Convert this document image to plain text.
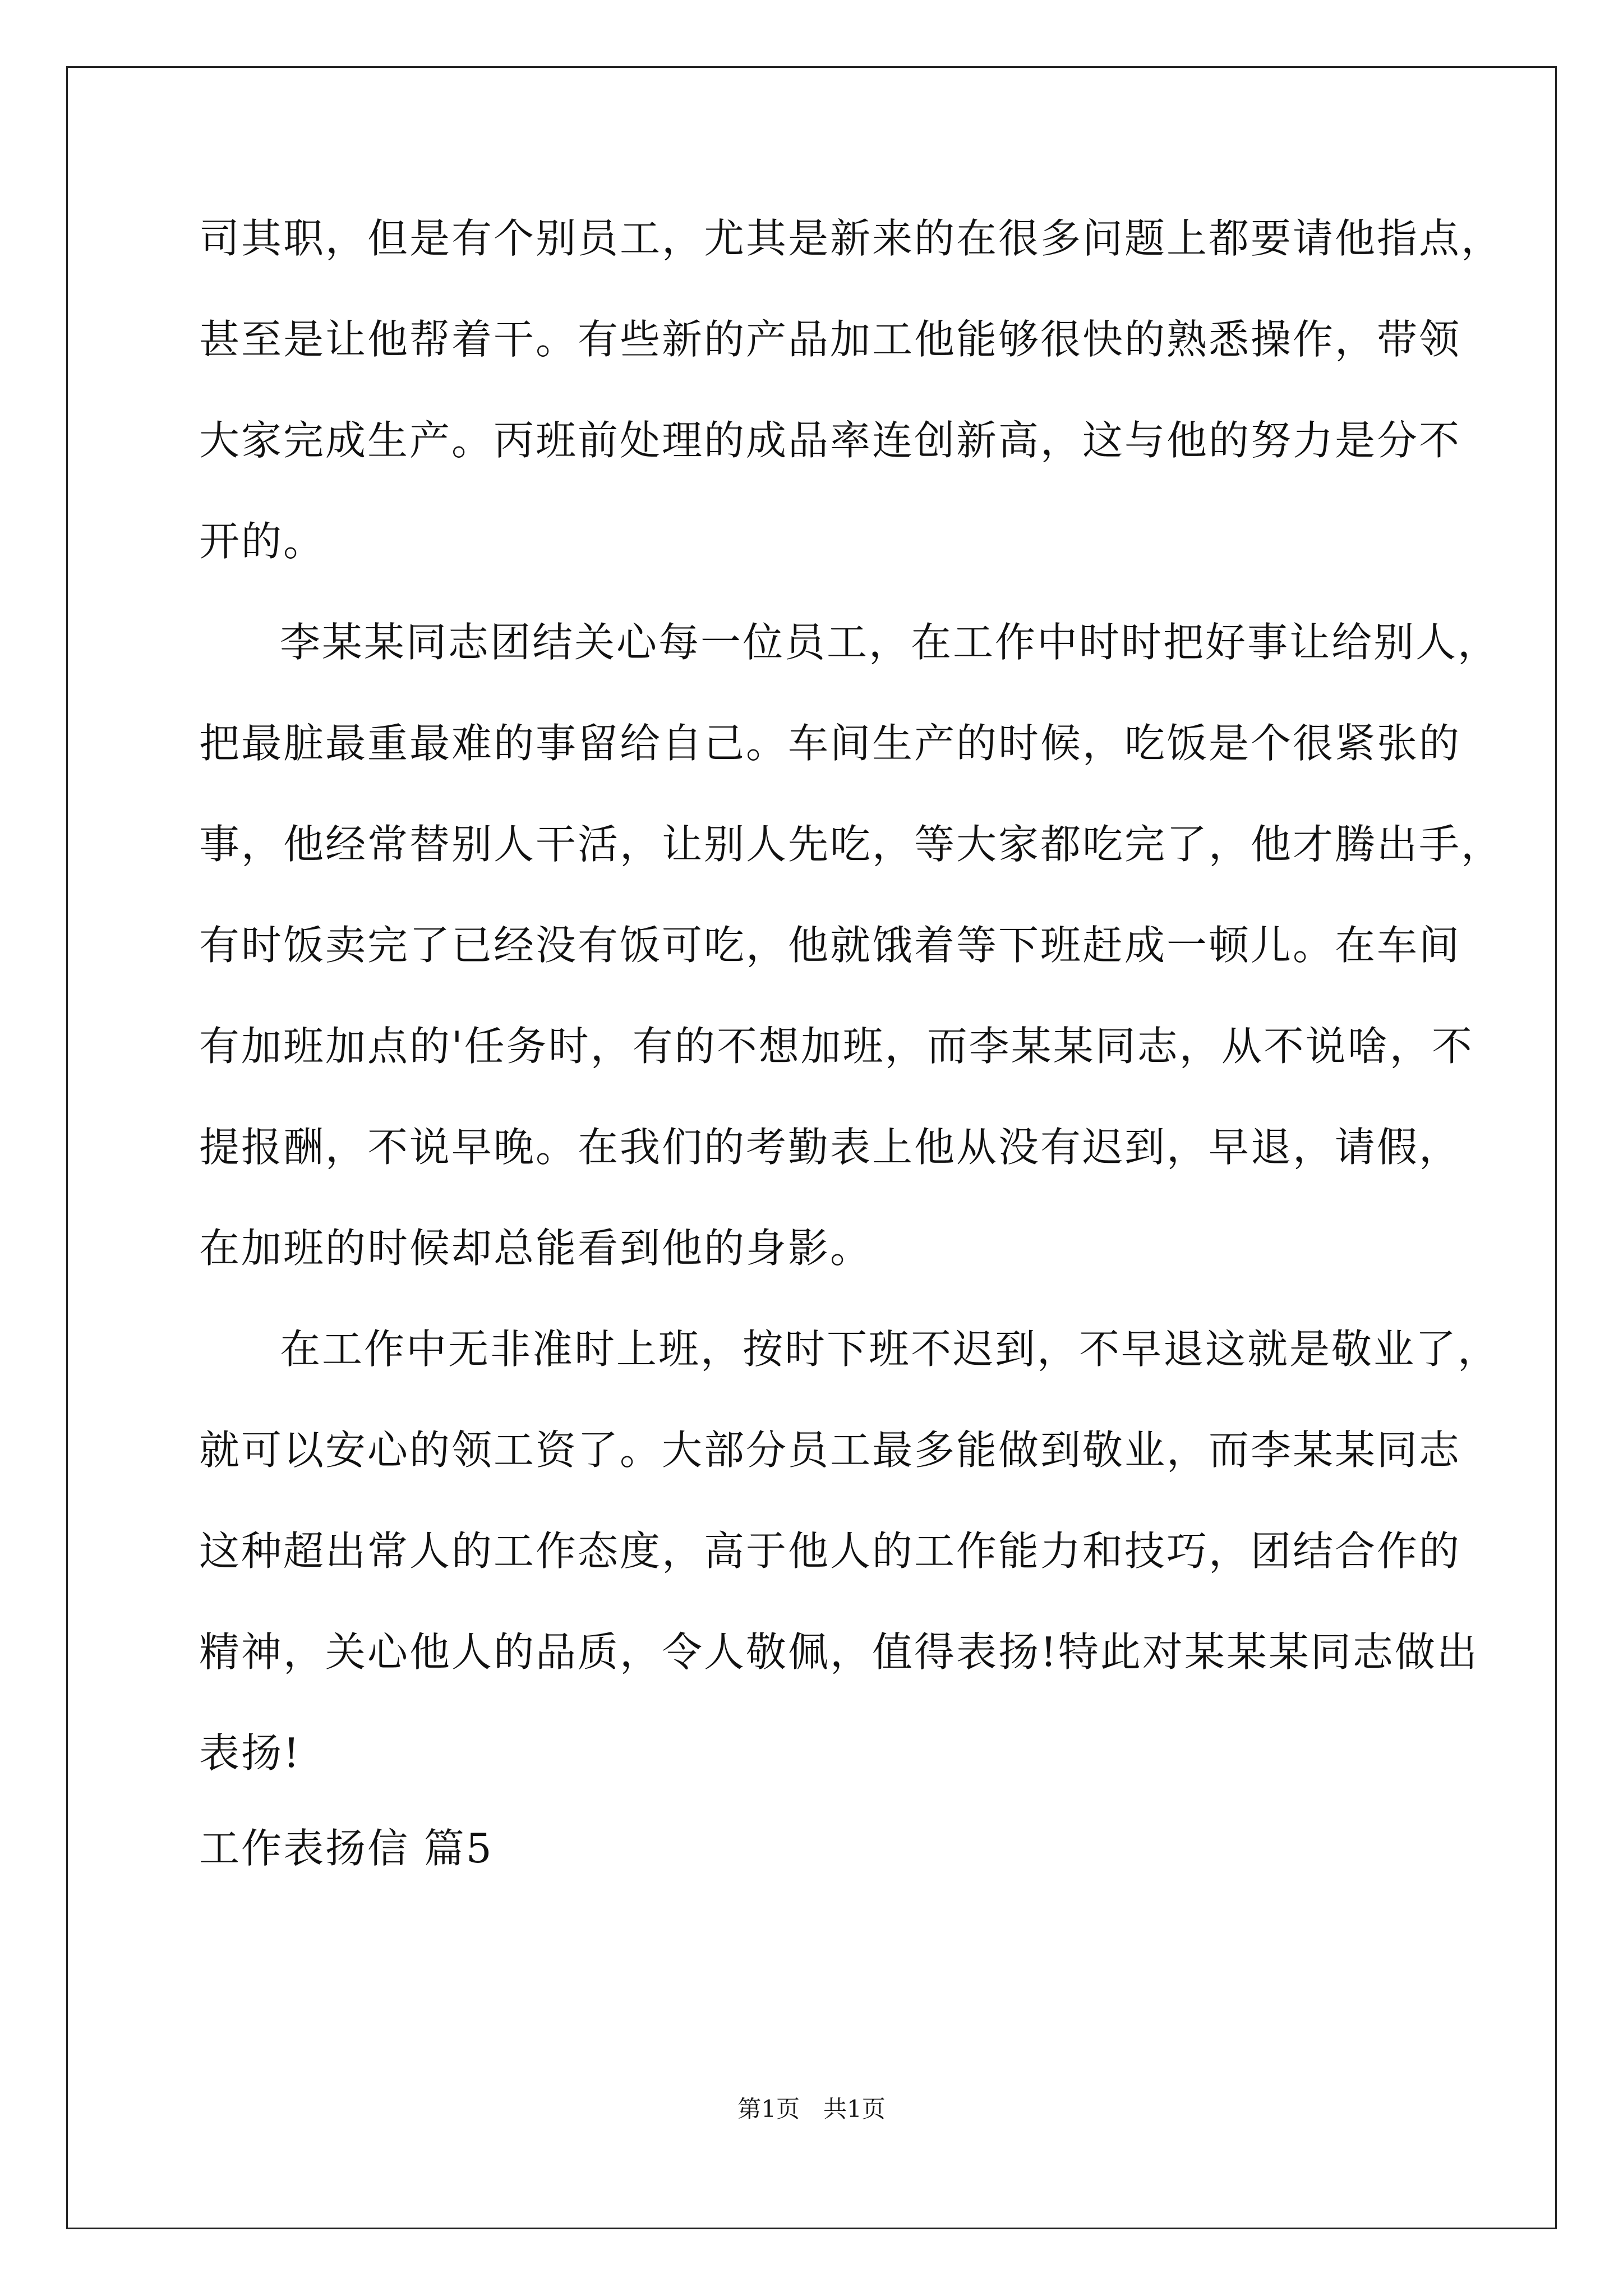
司其职，但是有个别员工，尤其是新来的在很多问题上都要请他指点，
甚至是让他帮着干。有些新的产品加工他能够很快的熟悉操作，带领
大家完成生产。丙班前处理的成品率连创新高，这与他的努力是分不
开的。
李某某同志团结关心每一位员工，在工作中时时把好事让给别人，
把最脏最重最难的事留给自己。车间生产的时候，吃饭是个很紧张的
事，他经常替别人干活，让别人先吃，等大家都吃完了，他才腾出手，
有时饭卖完了已经没有饭可吃，他就饿着等下班赶成一顿儿。在车间
有加班加点的'任务时，有的不想加班，而李某某同志，从不说啥，不
提报酬，不说早晚。在我们的考勤表上他从没有迟到，早退，请假，
在加班的时候却总能看到他的身影。
在工作中无非准时上班，按时下班不迟到，不早退这就是敬业了，
就可以安心的领工资了。大部分员工最多能做到敬业，而李某某同志
这种超出常人的工作态度，高于他人的工作能力和技巧，团结合作的
精神，关心他人的品质，令人敬佩，值得表扬!特此对某某某同志做出
表扬!
工作表扬信 篇5
第1页　共1页
